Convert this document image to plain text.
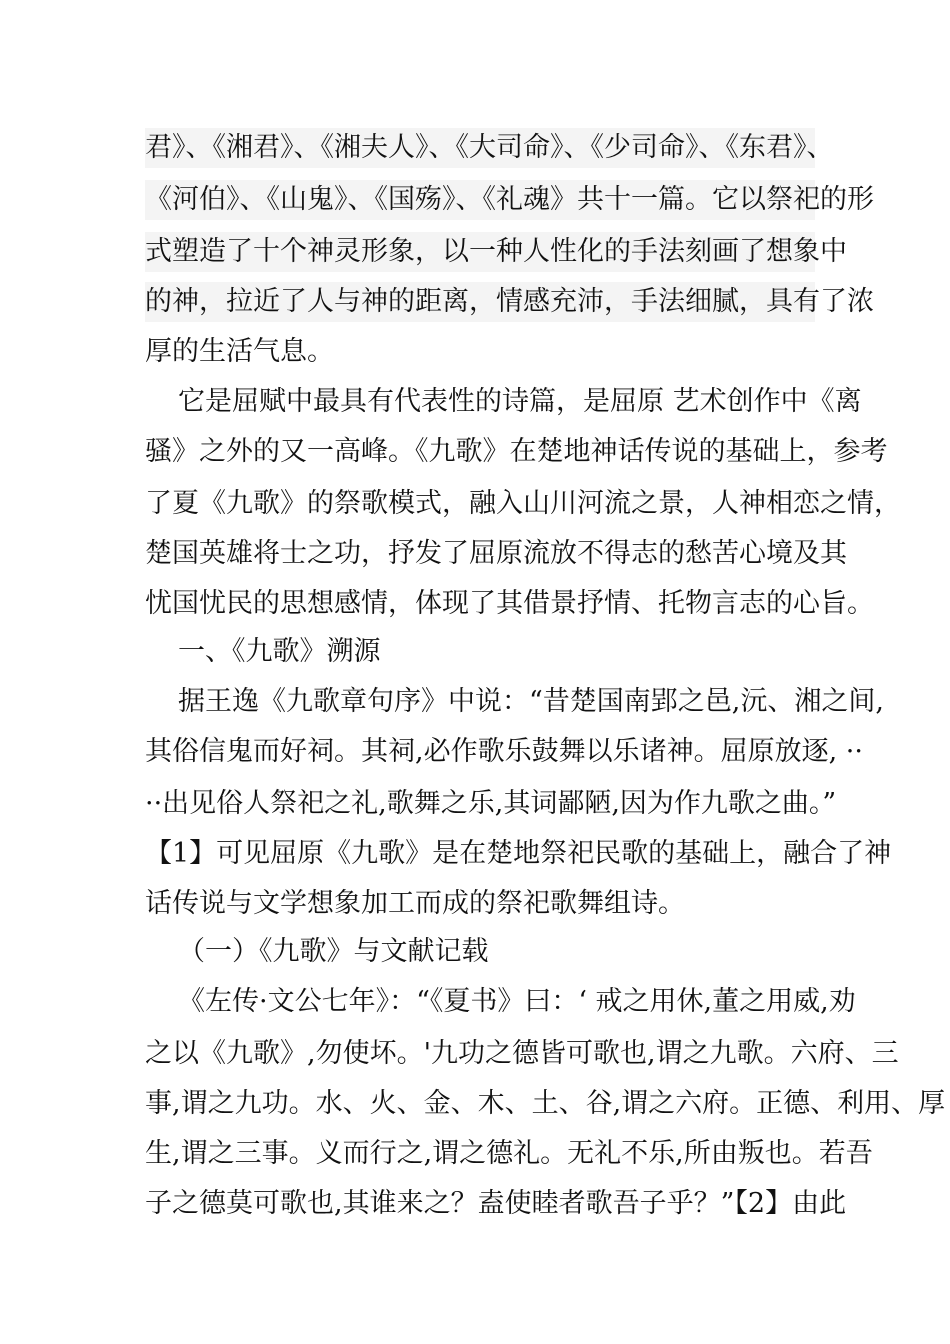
君》、《湘君》、《湘夫人》、《大司命》、《少司命》、《东君》、
《河伯》、《山鬼》、《国殇》、《礼魂》共十一篇。它以祭祀的形
式塑造了十个神灵形象，以一种人性化的手法刻画了想象中
的神，拉近了人与神的距离，情感充沛，手法细腻，具有了浓
厚的生活气息。
它是屈赋中最具有代表性的诗篇，是屈原 艺术创作中《离
骚》之外的又一高峰。《九歌》在楚地神话传说的基础上，参考
了夏《九歌》的祭歌模式，融入山川河流之景，人神相恋之情，
楚国英雄将士之功，抒发了屈原流放不得志的愁苦心境及其
忧国忧民的思想感情，体现了其借景抒情、托物言志的心旨。
一、《九歌》溯源
据王逸《九歌章句序》中说：“昔楚国南郢之邑,沅、湘之间,
其俗信鬼而好祠。其祠,必作歌乐鼓舞以乐诸神。屈原放逐, ··
··出见俗人祭祀之礼,歌舞之乐,其词鄙陋,因为作九歌之曲。”
【1】可见屈原《九歌》是在楚地祭祀民歌的基础上，融合了神
话传说与文学想象加工而成的祭祀歌舞组诗。
（一）《九歌》与文献记载
《左传·文公七年》：“《夏书》曰：‘ 戒之用休,董之用威,劝
之以《九歌》,勿使坏。'九功之德皆可歌也,谓之九歌。六府、三
事,谓之九功。水、火、金、木、土、谷,谓之六府。正德、利用、厚
生,谓之三事。义而行之,谓之德礼。无礼不乐,所由叛也。若吾
子之德莫可歌也,其谁来之？盍使睦者歌吾子乎？”【2】由此
